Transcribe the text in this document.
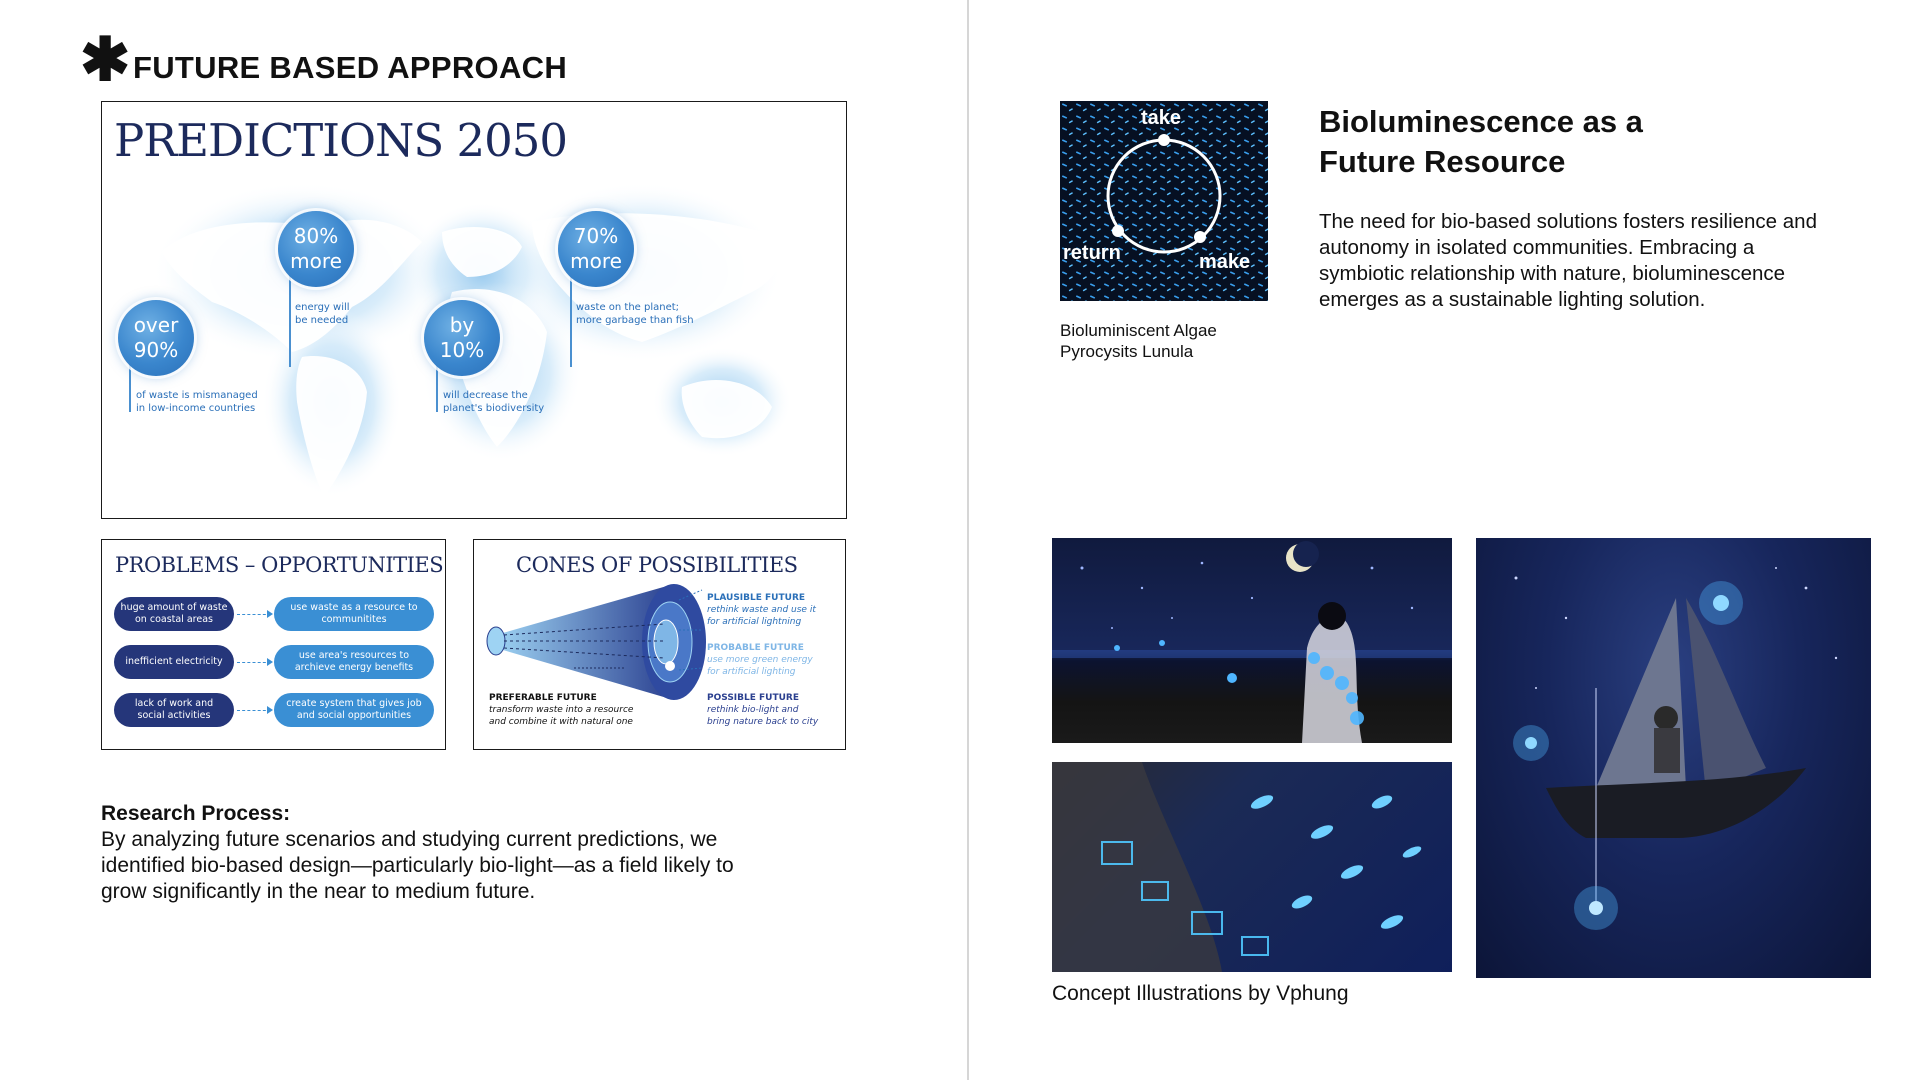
✱ FUTURE BASED APPROACH
PREDICTIONS 2050
80%
more
energy will
be needed
70%
more
waste on the planet;
more garbage than fish
over
90%
of waste is mismanaged
in low-income countries
by
10%
will decrease the
planet's biodiversity
PROBLEMS – OPPORTUNITIES
huge amount of waste on coastal areas
use waste as a resource to communitites
inefficient electricity
use area's resources to archieve energy benefits
lack of work and social activities
create system that gives job and social opportunities
CONES OF POSSIBILITIES
PLAUSIBLE FUTURE
rethink waste and use it for artificial lightning
PROBABLE FUTURE
use more green energy for artificial lighting
POSSIBLE FUTURE
rethink bio-light and bring nature back to city
PREFERABLE FUTURE
transform waste into a resource and combine it with natural one
Research Process:
By analyzing future scenarios and studying current predictions, we identified bio-based design—particularly bio-light—as a field likely to grow significantly in the near to medium future.
take
return	make
Bioluminiscent Algae
Pyrocysits Lunula
Bioluminescence as a
Future Resource
The need for bio-based solutions fosters resilience and autonomy in isolated communities. Embracing a symbiotic relationship with nature, bioluminescence emerges as a sustainable lighting solution.
Concept Illustrations by Vphung
